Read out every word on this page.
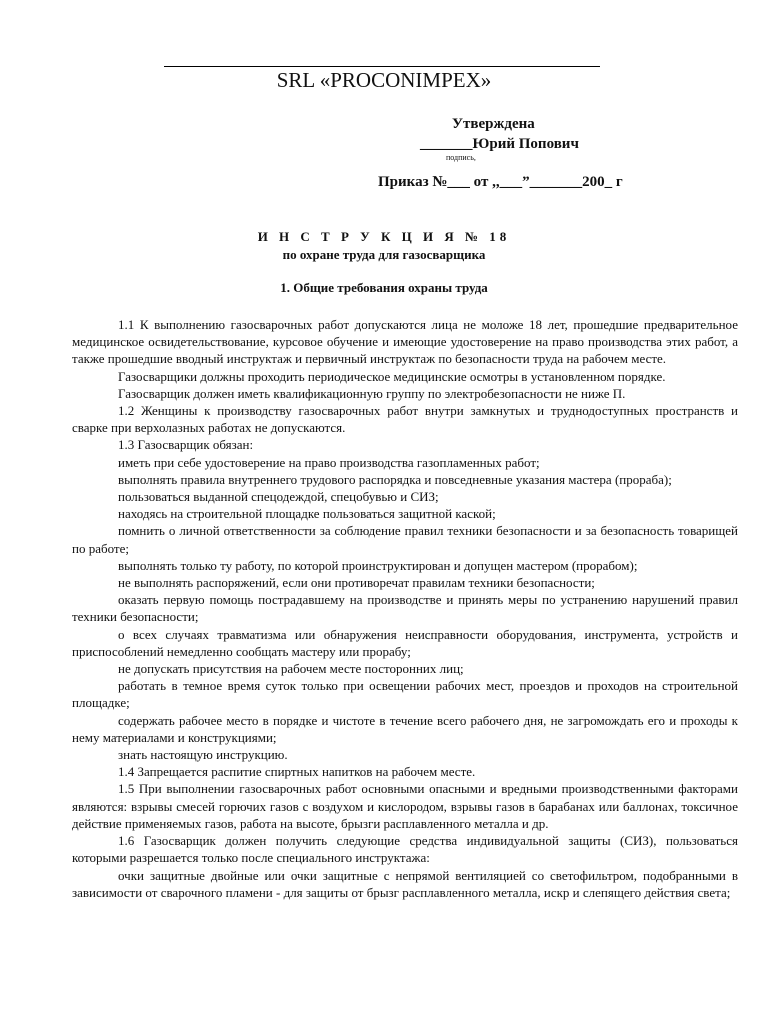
SRL «PROCONIMPEX»
Утверждена
_______Юрий Попович
подпись,
Приказ №___ от ,,___”_______200_ г
И Н С Т Р У К Ц И Я № 18
по охране труда для газосварщика
1. Общие требования охраны труда

1.1 К выполнению газосварочных работ допускаются лица не моложе 18 лет, прошедшие предварительное медицинское освидетельствование, курсовое обучение и имеющие удостоверение на право производства этих работ, а также прошедшие вводный инструктаж и первичный инструктаж по безопасности труда на рабочем месте.

Газосварщики должны проходить периодическое медицинские осмотры в установленном порядке.

Газосварщик должен иметь квалификационную группу по электробезопасности не ниже П.

1.2 Женщины к производству газосварочных работ внутри замкнутых и труднодоступных пространств и сварке при верхолазных работах не допускаются.

1.3 Газосварщик обязан:

иметь при себе удостоверение на право производства газопламенных работ;

выполнять правила внутреннего трудового распорядка и повседневные указания мастера (прораба);

пользоваться выданной спецодеждой, спецобувью и СИЗ;

находясь на строительной площадке пользоваться защитной каской;

помнить о личной ответственности за соблюдение правил техники безопасности и за безопасность товарищей по работе;

выполнять только ту работу, по которой проинструктирован и допущен мастером (прорабом);

не выполнять распоряжений, если они противоречат правилам техники безопасности;

оказать первую помощь пострадавшему на производстве и принять меры по устранению нарушений правил техники безопасности;

о всех случаях травматизма или обнаружения неисправности оборудования, инструмента, устройств и приспособлений немедленно сообщать мастеру или прорабу;

не допускать присутствия на рабочем месте посторонних лиц;

работать в темное время суток только при освещении рабочих мест, проездов и проходов на строительной площадке;

содержать рабочее место в порядке и чистоте в течение всего рабочего дня, не загромождать его и проходы к нему материалами и конструкциями;

знать настоящую инструкцию.

1.4 Запрещается распитие спиртных напитков на рабочем месте.

1.5 При выполнении газосварочных работ основными опасными и вредными производственными факторами являются: взрывы смесей горючих газов с воздухом и кислородом, взрывы газов в барабанах или баллонах, токсичное действие применяемых газов, работа на высоте, брызги расплавленного металла и др.

1.6 Газосварщик должен получить следующие средства индивидуальной защиты (СИЗ), пользоваться которыми разрешается только после специального инструктажа:

очки защитные двойные или очки защитные с непрямой вентиляцией со светофильтром, подобранными в зависимости от сварочного пламени - для защиты от брызг расплавленного металла, искр и слепящего действия света;
